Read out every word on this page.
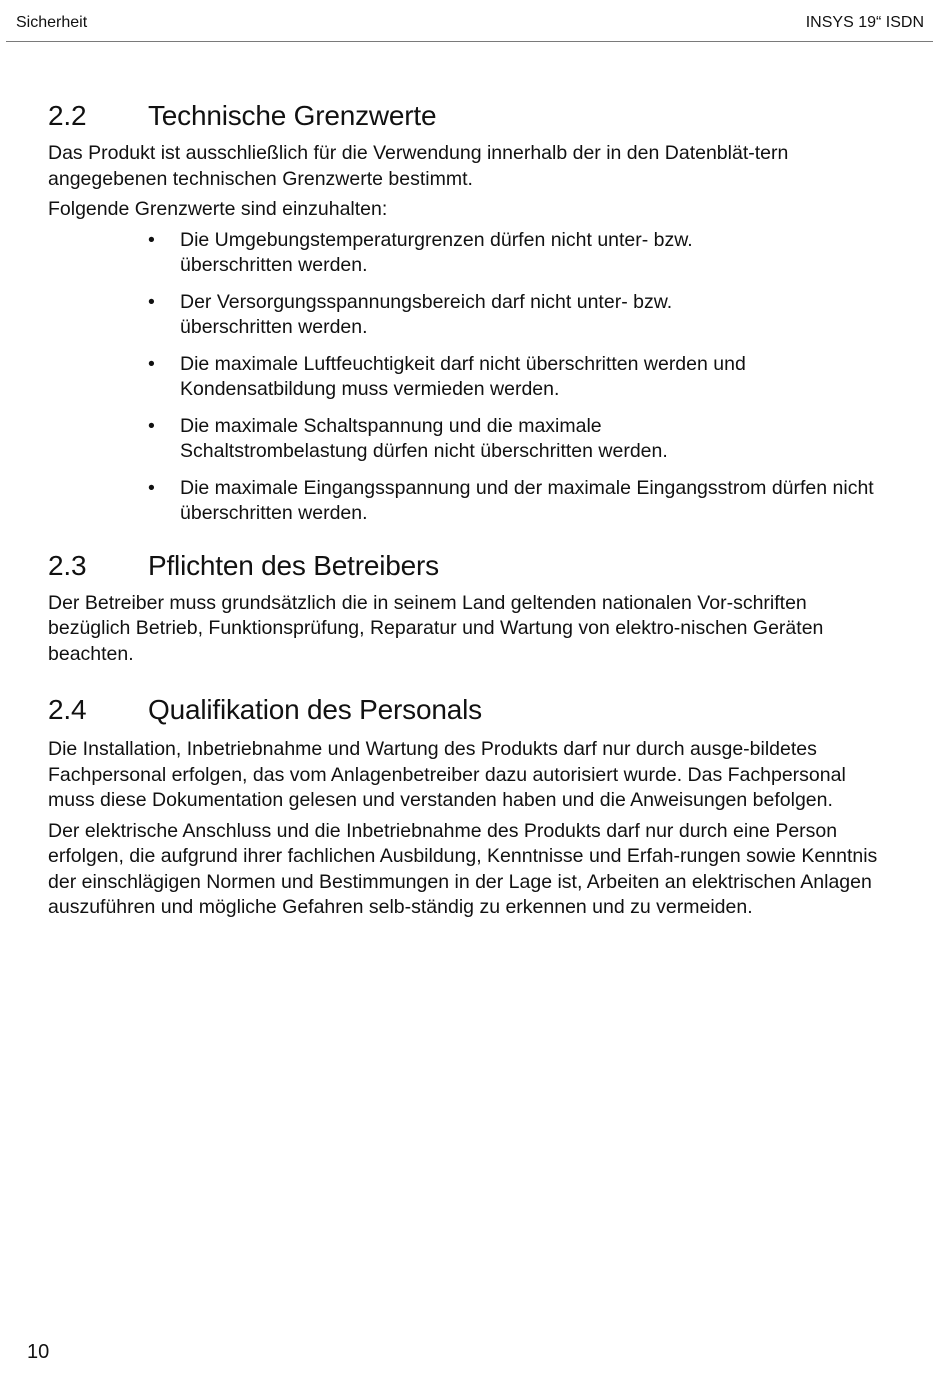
Sicherheit	INSYS 19“ ISDN
2.2	Technische Grenzwerte

Das Produkt ist ausschließlich für die Verwendung innerhalb der in den Datenblät-tern angegebenen technischen Grenzwerte bestimmt.

Folgende Grenzwerte sind einzuhalten:

• Die Umgebungstemperaturgrenzen dürfen nicht unter- bzw. überschritten werden.
• Der Versorgungsspannungsbereich darf nicht unter- bzw. überschritten werden.
• Die maximale Luftfeuchtigkeit darf nicht überschritten werden und Kondensatbildung muss vermieden werden.
• Die maximale Schaltspannung und die maximale Schaltstrombelastung dürfen nicht überschritten werden.
• Die maximale Eingangsspannung und der maximale Eingangsstrom dürfen nicht überschritten werden.
2.3	Pflichten des Betreibers

Der Betreiber muss grundsätzlich die in seinem Land geltenden nationalen Vor-schriften bezüglich Betrieb, Funktionsprüfung, Reparatur und Wartung von elektro-nischen Geräten beachten.

2.4	Qualifikation des Personals

Die Installation, Inbetriebnahme und Wartung des Produkts darf nur durch ausge-bildetes Fachpersonal erfolgen, das vom Anlagenbetreiber dazu autorisiert wurde. Das Fachpersonal muss diese Dokumentation gelesen und verstanden haben und die Anweisungen befolgen.

Der elektrische Anschluss und die Inbetriebnahme des Produkts darf nur durch eine Person erfolgen, die aufgrund ihrer fachlichen Ausbildung, Kenntnisse und Erfah-rungen sowie Kenntnis der einschlägigen Normen und Bestimmungen in der Lage ist, Arbeiten an elektrischen Anlagen auszuführen und mögliche Gefahren selb-ständig zu erkennen und zu vermeiden.

10
